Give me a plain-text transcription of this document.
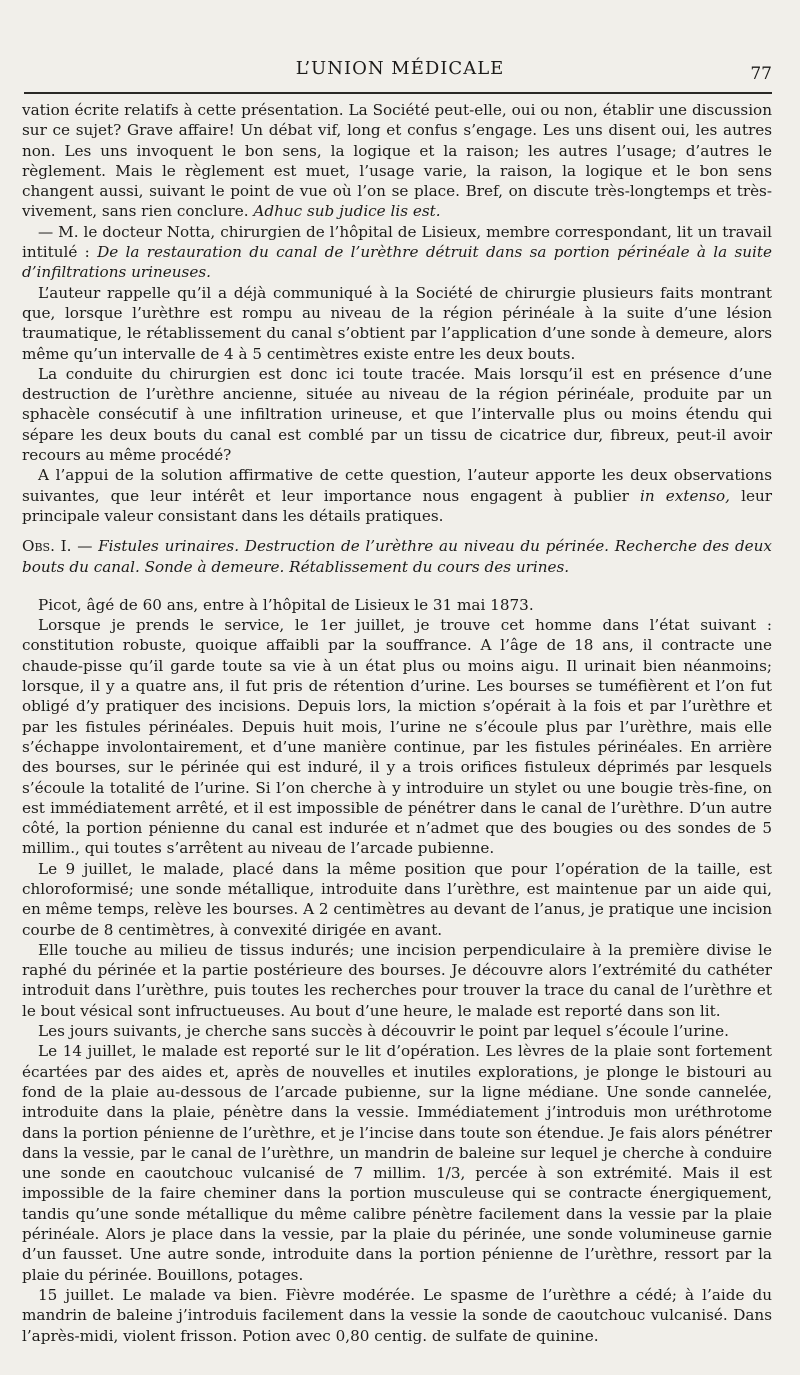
L’UNION MÉDICALE	77

vation écrite relatifs à cette présentation. La Société peut-elle, oui ou non, établir une discussion sur ce sujet? Grave affaire! Un débat vif, long et confus s’engage. Les uns disent oui, les autres non. Les uns invoquent le bon sens, la logique et la raison; les autres l’usage; d’autres le règlement. Mais le règlement est muet, l’usage varie, la raison, la logique et le bon sens changent aussi, suivant le point de vue où l’on se place. Bref, on discute très-longtemps et très-vivement, sans rien conclure. Adhuc sub judice lis est.

— M. le docteur Notta, chirurgien de l’hôpital de Lisieux, membre correspondant, lit un travail intitulé : De la restauration du canal de l’urèthre détruit dans sa portion périnéale à la suite d’infiltrations urineuses.

L’auteur rappelle qu’il a déjà communiqué à la Société de chirurgie plusieurs faits montrant que, lorsque l’urèthre est rompu au niveau de la région périnéale à la suite d’une lésion traumatique, le rétablissement du canal s’obtient par l’application d’une sonde à demeure, alors même qu’un intervalle de 4 à 5 centimètres existe entre les deux bouts.

La conduite du chirurgien est donc ici toute tracée. Mais lorsqu’il est en présence d’une destruction de l’urèthre ancienne, située au niveau de la région périnéale, produite par un sphacèle consécutif à une infiltration urineuse, et que l’intervalle plus ou moins étendu qui sépare les deux bouts du canal est comblé par un tissu de cicatrice dur, fibreux, peut-il avoir recours au même procédé?

A l’appui de la solution affirmative de cette question, l’auteur apporte les deux observations suivantes, que leur intérêt et leur importance nous engagent à publier in extenso, leur principale valeur consistant dans les détails pratiques.

Obs. I. — Fistules urinaires. Destruction de l’urèthre au niveau du périnée. Recherche des deux bouts du canal. Sonde à demeure. Rétablissement du cours des urines.

Picot, âgé de 60 ans, entre à l’hôpital de Lisieux le 31 mai 1873.

Lorsque je prends le service, le 1er juillet, je trouve cet homme dans l’état suivant : constitution robuste, quoique affaibli par la souffrance. A l’âge de 18 ans, il contracte une chaude-pisse qu’il garde toute sa vie à un état plus ou moins aigu. Il urinait bien néanmoins; lorsque, il y a quatre ans, il fut pris de rétention d’urine. Les bourses se tuméfièrent et l’on fut obligé d’y pratiquer des incisions. Depuis lors, la miction s’opérait à la fois et par l’urèthre et par les fistules périnéales. Depuis huit mois, l’urine ne s’écoule plus par l’urèthre, mais elle s’échappe involontairement, et d’une manière continue, par les fistules périnéales. En arrière des bourses, sur le périnée qui est induré, il y a trois orifices fistuleux déprimés par lesquels s’écoule la totalité de l’urine. Si l’on cherche à y introduire un stylet ou une bougie très-fine, on est immédiatement arrêté, et il est impossible de pénétrer dans le canal de l’urèthre. D’un autre côté, la portion pénienne du canal est indurée et n’admet que des bougies ou des sondes de 5 millim., qui toutes s’arrêtent au niveau de l’arcade pubienne.

Le 9 juillet, le malade, placé dans la même position que pour l’opération de la taille, est chloroformisé; une sonde métallique, introduite dans l’urèthre, est maintenue par un aide qui, en même temps, relève les bourses. A 2 centimètres au devant de l’anus, je pratique une incision courbe de 8 centimètres, à convexité dirigée en avant.

Elle touche au milieu de tissus indurés; une incision perpendiculaire à la première divise le raphé du périnée et la partie postérieure des bourses. Je découvre alors l’extrémité du cathéter introduit dans l’urèthre, puis toutes les recherches pour trouver la trace du canal de l’urèthre et le bout vésical sont infructueuses. Au bout d’une heure, le malade est reporté dans son lit.

Les jours suivants, je cherche sans succès à découvrir le point par lequel s’écoule l’urine.

Le 14 juillet, le malade est reporté sur le lit d’opération. Les lèvres de la plaie sont fortement écartées par des aides et, après de nouvelles et inutiles explorations, je plonge le bistouri au fond de la plaie au-dessous de l’arcade pubienne, sur la ligne médiane. Une sonde cannelée, introduite dans la plaie, pénètre dans la vessie. Immédiatement j’introduis mon uréthrotome dans la portion pénienne de l’urèthre, et je l’incise dans toute son étendue. Je fais alors pénétrer dans la vessie, par le canal de l’urèthre, un mandrin de baleine sur lequel je cherche à conduire une sonde en caoutchouc vulcanisé de 7 millim. 1/3, percée à son extrémité. Mais il est impossible de la faire cheminer dans la portion musculeuse qui se contracte énergiquement, tandis qu’une sonde métallique du même calibre pénètre facilement dans la vessie par la plaie périnéale. Alors je place dans la vessie, par la plaie du périnée, une sonde volumineuse garnie d’un fausset. Une autre sonde, introduite dans la portion pénienne de l’urèthre, ressort par la plaie du périnée. Bouillons, potages.

15 juillet. Le malade va bien. Fièvre modérée. Le spasme de l’urèthre a cédé; à l’aide du mandrin de baleine j’introduis facilement dans la vessie la sonde de caoutchouc vulcanisé. Dans l’après-midi, violent frisson. Potion avec 0,80 centig. de sulfate de quinine.
